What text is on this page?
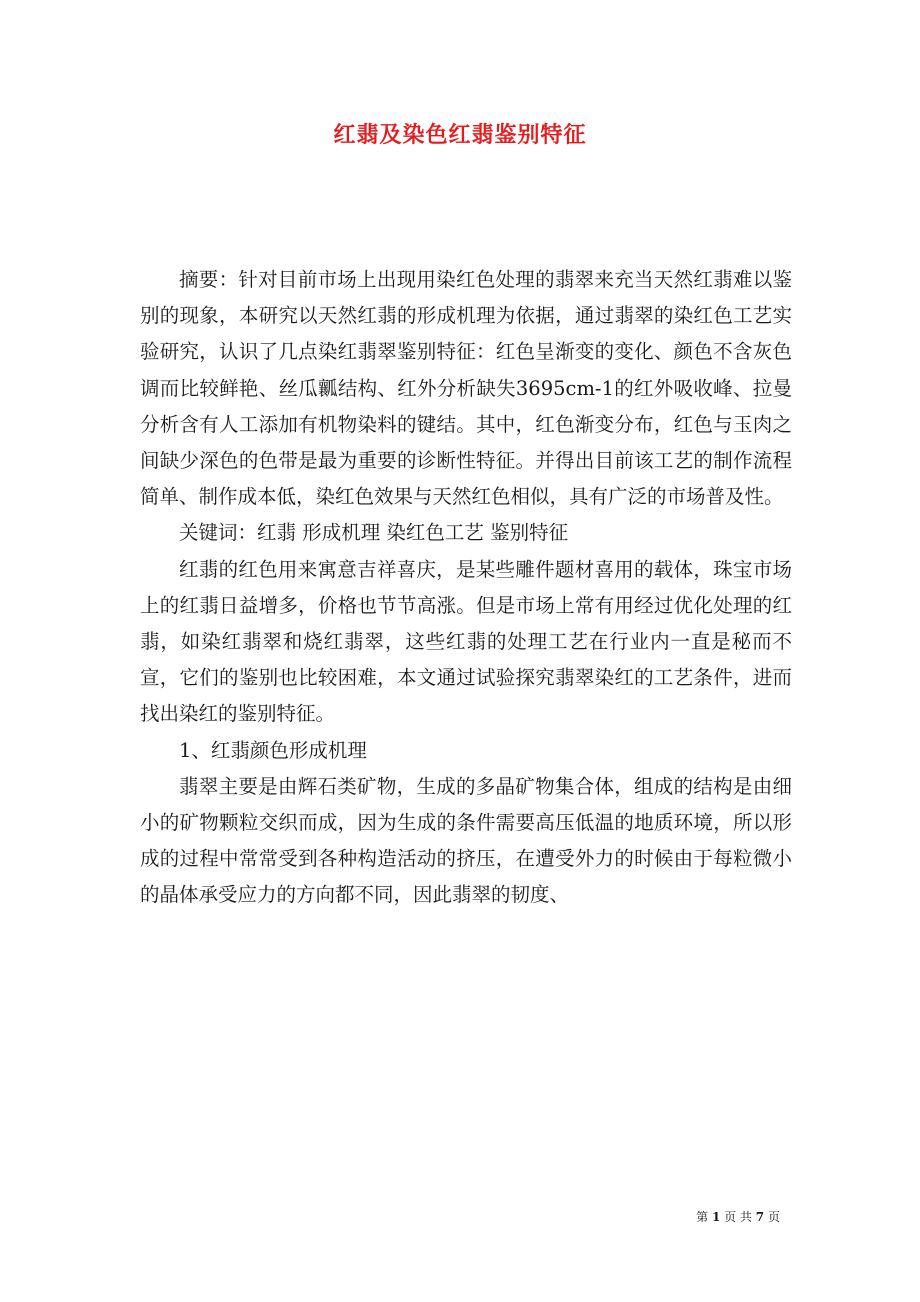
红翡及染色红翡鉴别特征

摘要：针对目前市场上出现用染红色处理的翡翠来充当天然红翡难以鉴别的现象，本研究以天然红翡的形成机理为依据，通过翡翠的染红色工艺实验研究，认识了几点染红翡翠鉴别特征：红色呈渐变的变化、颜色不含灰色调而比较鲜艳、丝瓜瓤结构、红外分析缺失3695cm-1的红外吸收峰、拉曼分析含有人工添加有机物染料的键结。其中，红色渐变分布，红色与玉肉之间缺少深色的色带是最为重要的诊断性特征。并得出目前该工艺的制作流程简单、制作成本低，染红色效果与天然红色相似，具有广泛的市场普及性。

关键词：红翡 形成机理 染红色工艺 鉴别特征

红翡的红色用来寓意吉祥喜庆，是某些雕件题材喜用的载体，珠宝市场上的红翡日益增多，价格也节节高涨。但是市场上常有用经过优化处理的红翡，如染红翡翠和烧红翡翠，这些红翡的处理工艺在行业内一直是秘而不宣，它们的鉴别也比较困难，本文通过试验探究翡翠染红的工艺条件，进而找出染红的鉴别特征。

1、红翡颜色形成机理

翡翠主要是由辉石类矿物，生成的多晶矿物集合体，组成的结构是由细小的矿物颗粒交织而成，因为生成的条件需要高压低温的地质环境，所以形成的过程中常常受到各种构造活动的挤压，在遭受外力的时候由于每粒微小的晶体承受应力的方向都不同，因此翡翠的韧度、

第 1 页 共 7 页
